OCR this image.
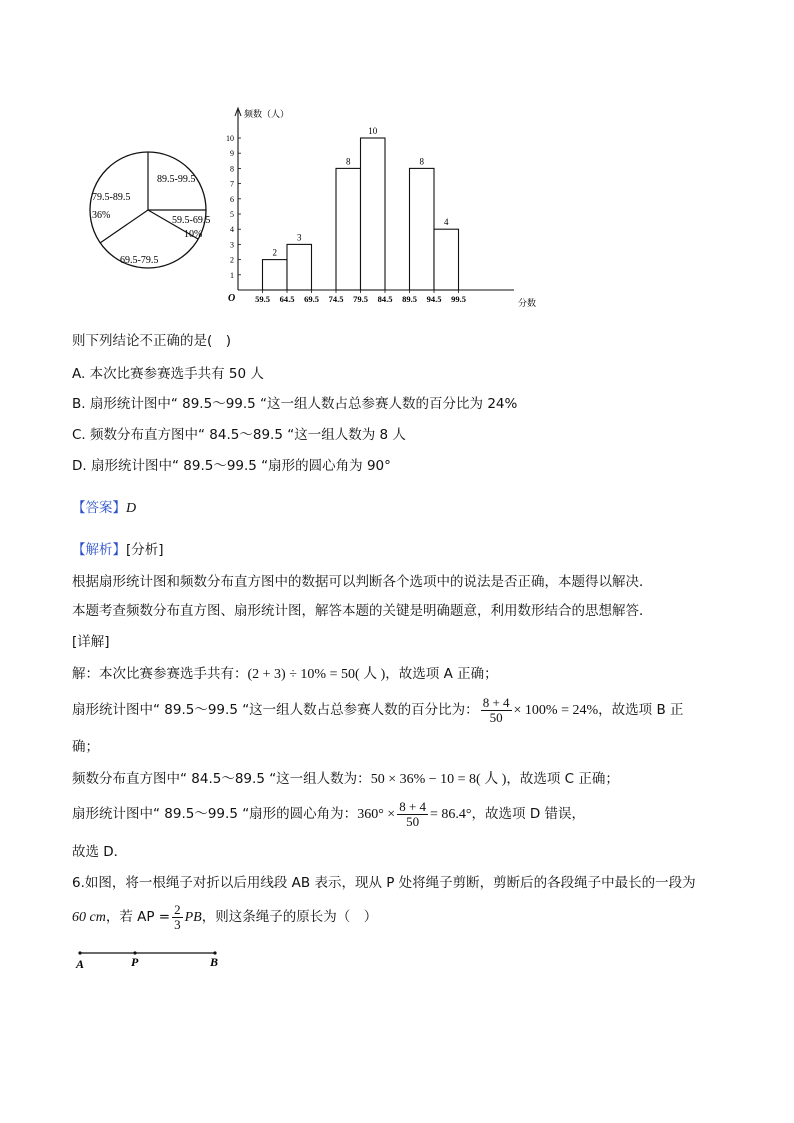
89.5-99.5
59.5-69.5
10%
69.5-79.5
79.5-89.5
36%
1
2
3
4
5
6
7
8
9
10
59.5 64.5 69.5 74.5 79.5 84.5 89.5 94.5 99.5
2
3
8
10
8
4
频数（人）
分数
O
则下列结论不正确的是(　)
A. 本次比赛参赛选手共有 50 人
B. 扇形统计图中“ 89.5～99.5 “这一组人数占总参赛人数的百分比为 24%
C. 频数分布直方图中“ 84.5～89.5 “这一组人数为 8 人
D. 扇形统计图中“ 89.5～99.5 “扇形的圆心角为 90°
【答案】D
【解析】[分析]
根据扇形统计图和频数分布直方图中的数据可以判断各个选项中的说法是否正确，本题得以解决．
本题考查频数分布直方图、扇形统计图，解答本题的关键是明确题意，利用数形结合的思想解答．
[详解]
解：本次比赛参赛选手共有：(2 + 3) ÷ 10% = 50( 人 )，故选项 A 正确；
扇形统计图中“ 89.5～99.5 “这一组人数占总参赛人数的百分比为： $\frac{8 + 4}{50} \times 100\% = 24\%$，故选项 B 正
确；
频数分布直方图中“ 84.5～89.5 “这一组人数为：50 × 36% − 10 = 8( 人 )，故选项 C 正确；
扇形统计图中“ 89.5～99.5 “扇形的圆心角为：$360^\circ \times \frac{8 + 4}{50} = 86.4^\circ$，故选项 D 错误，
故选 D．
6.如图，将一根绳子对折以后用线段 AB 表示，现从 P 处将绳子剪断，剪断后的各段绳子中最长的一段为
60 cm，若 AP = $\frac{2}{3}$ PB，则这条绳子的原长为（　）
A	P	B
